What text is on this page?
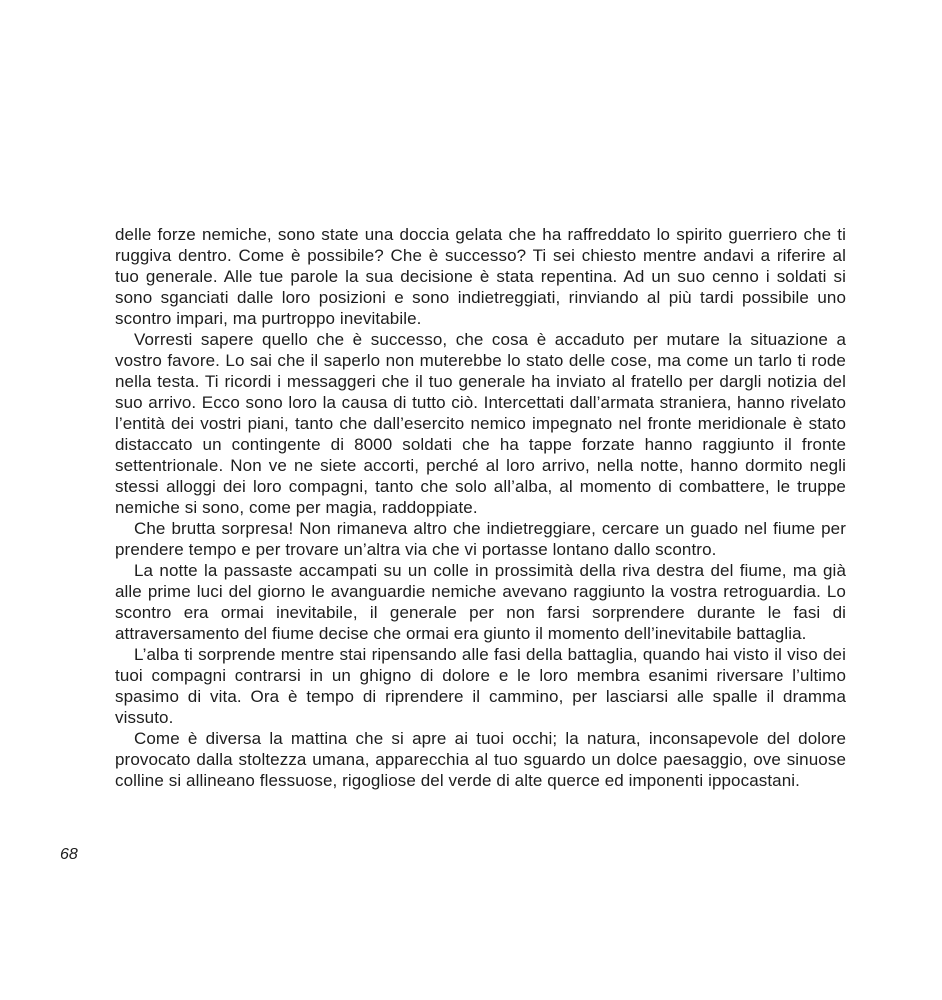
68

delle forze nemiche, sono state una doccia gelata che ha raffreddato lo spirito guerriero che ti ruggiva dentro. Come è possibile? Che è successo? Ti sei chiesto mentre andavi a riferire al tuo generale. Alle tue parole la sua decisione è stata repentina. Ad un suo cenno i soldati si sono sganciati dalle loro posizioni e sono indietreggiati, rinviando al più tardi possibile uno scontro impari, ma purtroppo inevitabile.

Vorresti sapere quello che è successo, che cosa è accaduto per mutare la situazione a vostro favore. Lo sai che il saperlo non muterebbe lo stato delle cose, ma come un tarlo ti rode nella testa. Ti ricordi i messaggeri che il tuo generale ha inviato al fratello per dargli notizia del suo arrivo. Ecco sono loro la causa di tutto ciò. Intercettati dall’armata straniera, hanno rivelato l’entità dei vostri piani, tanto che dall’esercito nemico impegnato nel fronte meridionale è stato distaccato un contingente di 8000 soldati che ha tappe forzate hanno raggiunto il fronte settentrionale. Non ve ne siete accorti, perché al loro arrivo, nella notte, hanno dormito negli stessi alloggi dei loro compagni, tanto che solo all’alba, al momento di combattere, le truppe nemiche si sono, come per magia, raddoppiate.

Che brutta sorpresa! Non rimaneva altro che indietreggiare, cercare un guado nel fiume per prendere tempo e per trovare un’altra via che vi portasse lontano dallo scontro.

La notte la passaste accampati su un colle in prossimità della riva destra del fiume, ma già alle prime luci del giorno le avanguardie nemiche avevano raggiunto la vostra retroguardia. Lo scontro era ormai inevitabile, il generale per non farsi sorprendere durante le fasi di attraversamento del fiume decise che ormai era giunto il momento dell’inevitabile battaglia.

L’alba ti sorprende mentre stai ripensando alle fasi della battaglia, quando hai visto il viso dei tuoi compagni contrarsi in un ghigno di dolore e le loro membra esanimi riversare l’ultimo spasimo di vita. Ora è tempo di riprendere il cammino, per lasciarsi alle spalle il dramma vissuto.

Come è diversa la mattina che si apre ai tuoi occhi; la natura, inconsapevole del dolore provocato dalla stoltezza umana, apparecchia al tuo sguardo un dolce paesaggio, ove sinuose colline si allineano flessuose, rigogliose del verde di alte querce ed imponenti ippocastani.
